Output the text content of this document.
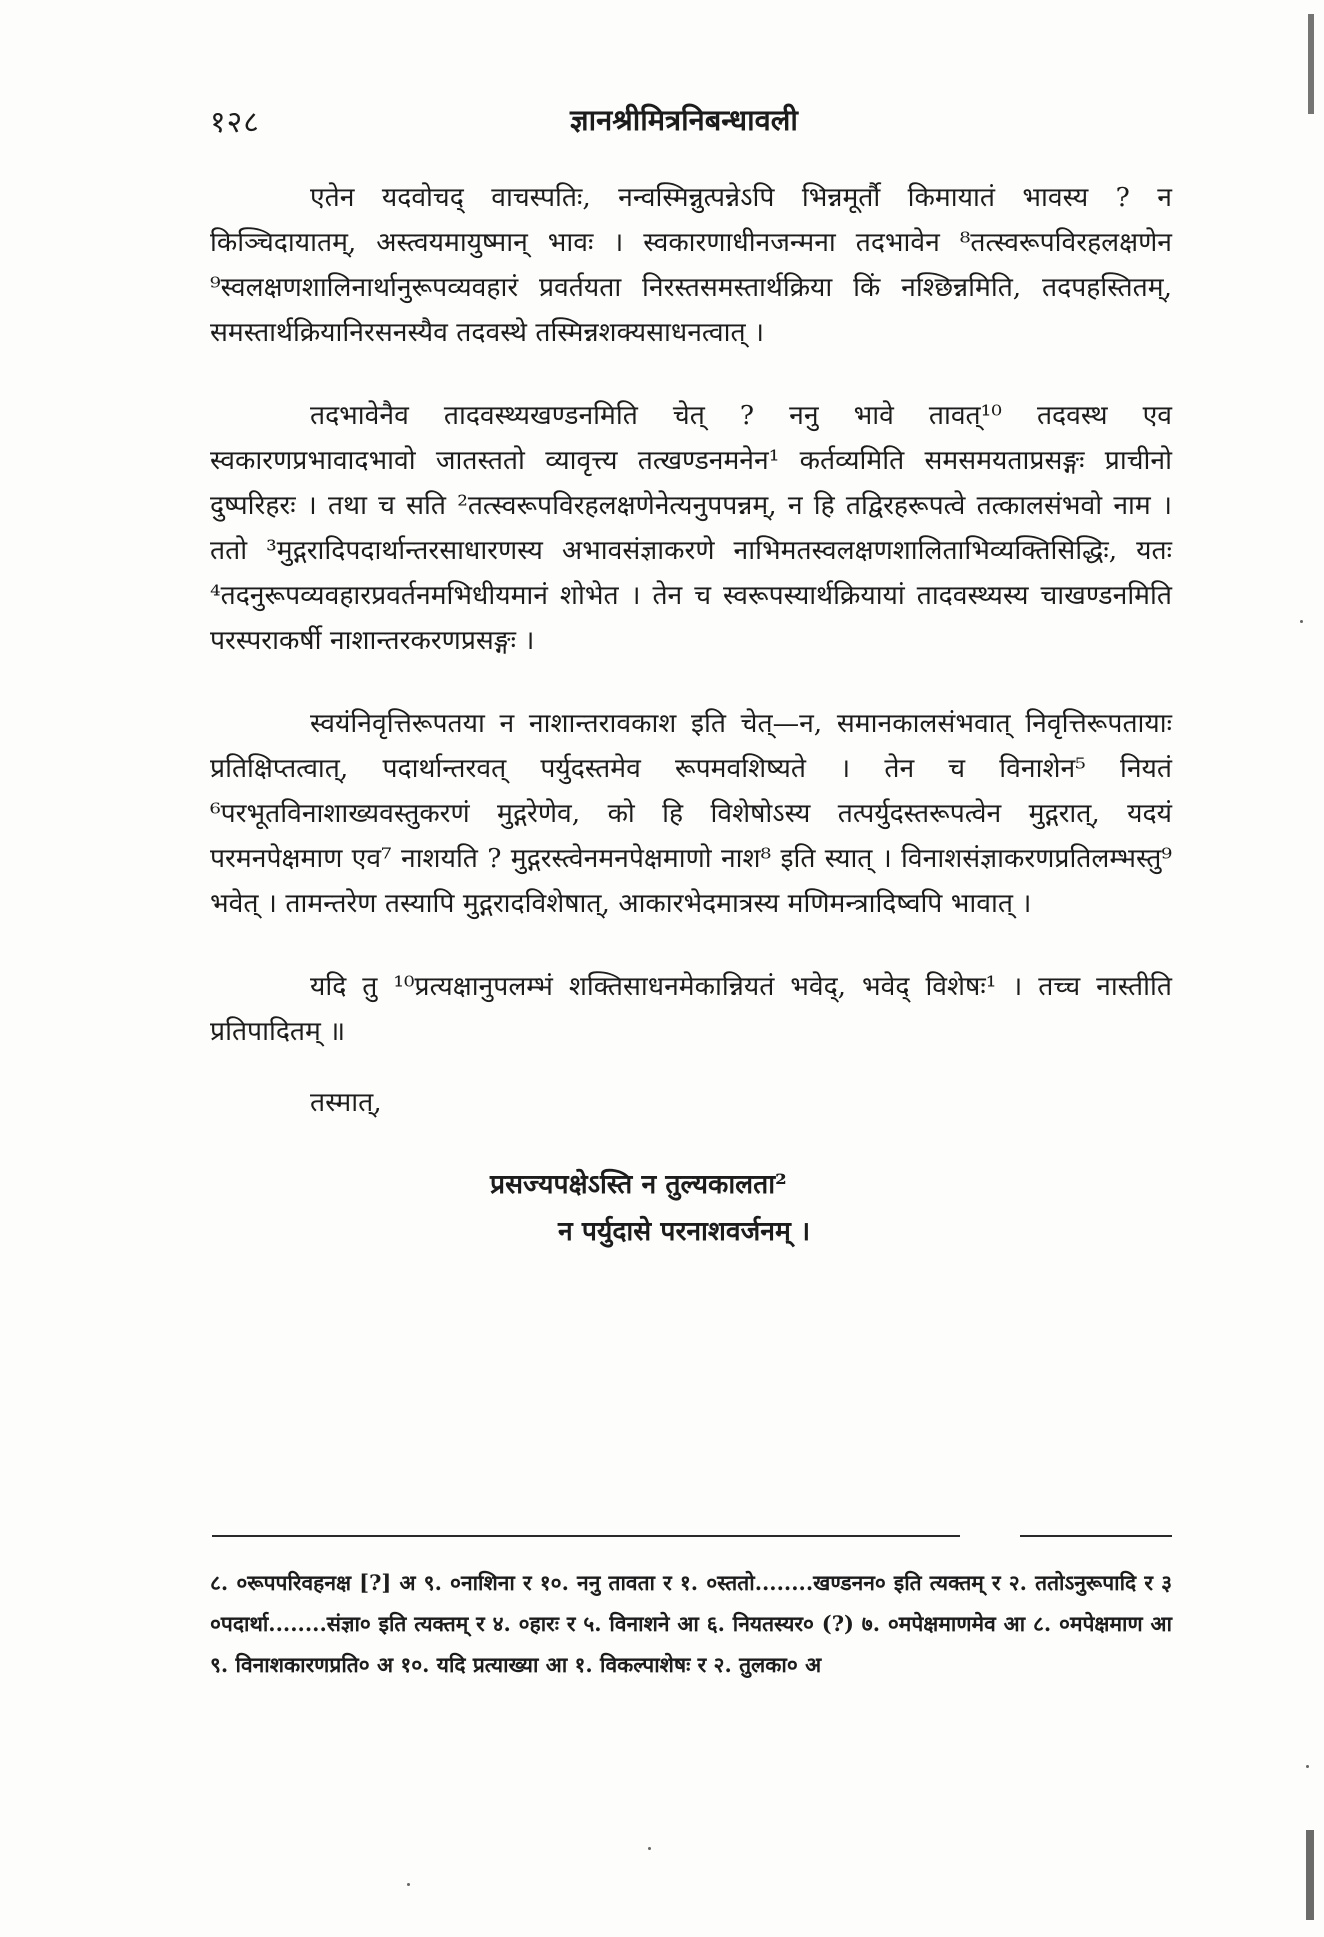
१२८	ज्ञानश्रीमित्रनिबन्धावली

एतेन यदवोचद् वाचस्पतिः, नन्वस्मिन्नुत्पन्नेऽपि भिन्नमूर्तौ किमायातं भावस्य ? न किञ्चिदायातम्, अस्त्वयमायुष्मान् भावः । स्वकारणाधीनजन्मना तदभावेन ⁸तत्स्वरूपविरहलक्षणेन ⁹स्वलक्षणशालिनार्थानुरूपव्यवहारं प्रवर्तयता निरस्तसमस्तार्थक्रिया किं नश्छिन्नमिति, तदपहस्तितम्, समस्तार्थक्रियानिरसनस्यैव तदवस्थे तस्मिन्नशक्यसाधनत्वात् ।

तदभावेनैव तादवस्थ्यखण्डनमिति चेत् ? ननु भावे तावत्¹⁰ तदवस्थ एव स्वकारणप्रभावादभावो जातस्ततो व्यावृत्त्य तत्खण्डनमनेन¹ कर्तव्यमिति समसमयताप्रसङ्गः प्राचीनो दुष्परिहरः । तथा च सति ²तत्स्वरूपविरहलक्षणेनेत्यनुपपन्नम्, न हि तद्विरहरूपत्वे तत्कालसंभवो नाम । ततो ³मुद्गरादिपदार्थान्तरसाधारणस्य अभावसंज्ञाकरणे नाभिमतस्वलक्षणशालिताभिव्यक्तिसिद्धिः, यतः ⁴तदनुरूपव्यवहारप्रवर्तनमभिधीयमानं शोभेत । तेन च स्वरूपस्यार्थक्रियायां तादवस्थ्यस्य चाखण्डनमिति परस्पराकर्षी नाशान्तरकरणप्रसङ्गः ।

स्वयंनिवृत्तिरूपतया न नाशान्तरावकाश इति चेत्—न, समानकालसंभवात् निवृत्तिरूपतायाः प्रतिक्षिप्तत्वात्, पदार्थान्तरवत् पर्युदस्तमेव रूपमवशिष्यते । तेन च विनाशेन⁵ नियतं ⁶परभूतविनाशाख्यवस्तुकरणं मुद्गरेणेव, को हि विशेषोऽस्य तत्पर्युदस्तरूपत्वेन मुद्गरात्, यदयं परमनपेक्षमाण एव⁷ नाशयति ? मुद्गरस्त्वेनमनपेक्षमाणो नाश⁸ इति स्यात् । विनाशसंज्ञाकरणप्रतिलम्भस्तु⁹ भवेत् । तामन्तरेण तस्यापि मुद्गरादविशेषात्, आकारभेदमात्रस्य मणिमन्त्रादिष्वपि भावात् ।

यदि तु ¹⁰प्रत्यक्षानुपलम्भं शक्तिसाधनमेकान्नियतं भवेद्, भवेद् विशेषः¹ । तच्च नास्तीति प्रतिपादितम् ॥

तस्मात्,

प्रसज्यपक्षेऽस्ति न तुल्यकालता²
न पर्युदासे परनाशवर्जनम् ।
८. ०रूपपरिवहनक्ष [?] अ ९. ०नाशिना र १०. ननु तावता र १. ०स्ततो........खण्डनन० इति त्यक्तम् र २. ततोऽनुरूपादि र ३ ०पदार्था........संज्ञा० इति त्यक्तम् र ४. ०हारः र ५. विनाशने आ ६. नियतस्यर० (?) ७. ०मपेक्षमाणमेव आ ८. ०मपेक्षमाण आ ९. विनाशकारणप्रति० अ १०. यदि प्रत्याख्या आ १. विकल्पाशेषः र २. तुलका० अ
